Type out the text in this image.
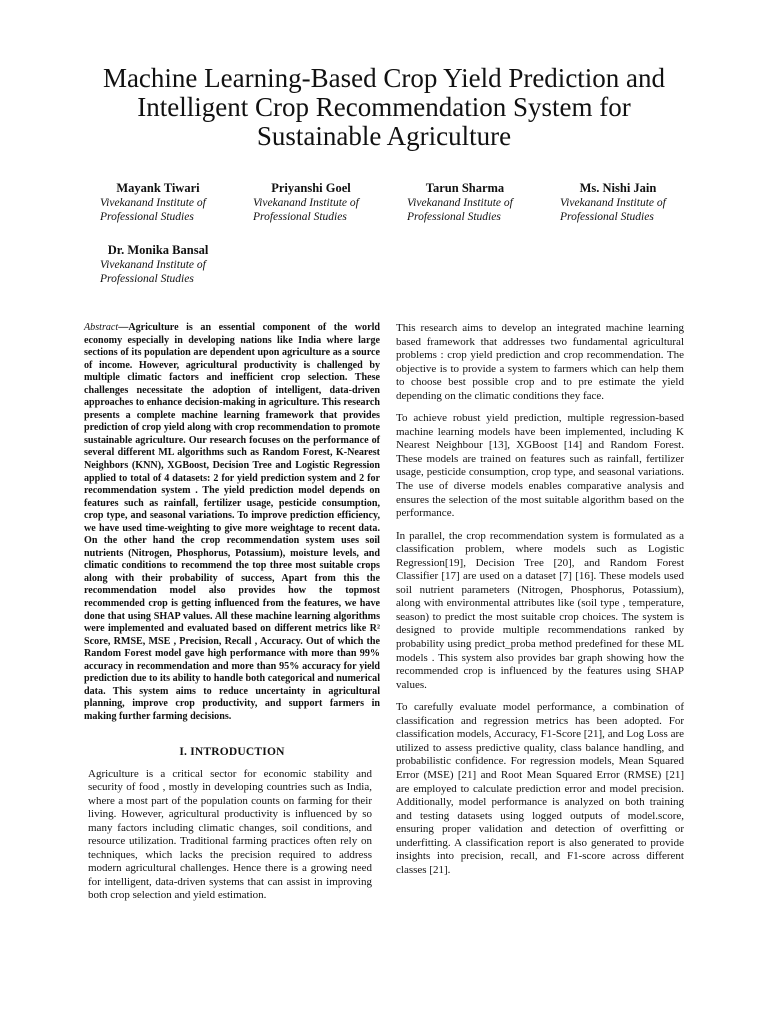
Machine Learning-Based Crop Yield Prediction and
Intelligent Crop Recommendation System for
Sustainable Agriculture
Mayank Tiwari
Vivekanand Institute of
Professional Studies
Priyanshi Goel
Vivekanand Institute of
Professional Studies
Tarun Sharma
Vivekanand Institute of
Professional Studies
Ms. Nishi Jain
Vivekanand Institute of
Professional Studies
Dr. Monika Bansal
Vivekanand Institute of
Professional Studies

Abstract—Agriculture is an essential component of the world economy especially in developing nations like India where large sections of its population are dependent upon agriculture as a source of income. However, agricultural productivity is challenged by multiple climatic factors and inefficient crop selection. These challenges necessitate the adoption of intelligent, data-driven approaches to enhance decision-making in agriculture. This research presents a complete machine learning framework that provides prediction of crop yield along with crop recommendation to promote sustainable agriculture. Our research focuses on the performance of several different ML algorithms such as Random Forest, K-Nearest Neighbors (KNN), XGBoost, Decision Tree and Logistic Regression applied to total of 4 datasets: 2 for yield prediction system and 2 for recommendation system . The yield prediction model depends on features such as rainfall, fertilizer usage, pesticide consumption, crop type, and seasonal variations. To improve prediction efficiency, we have used time-weighting to give more weightage to recent data. On the other hand the crop recommendation system uses soil nutrients (Nitrogen, Phosphorus, Potassium), moisture levels, and climatic conditions to recommend the top three most suitable crops along with their probability of success, Apart from this the recommendation model also provides how the topmost recommended crop is getting influenced from the features, we have done that using SHAP values. All these machine learning algorithms were implemented and evaluated based on different metrics like R² Score, RMSE, MSE , Precision, Recall , Accuracy. Out of which the Random Forest model gave high performance with more than 99% accuracy in recommendation and more than 95% accuracy for yield prediction due to its ability to handle both categorical and numerical data. This system aims to reduce uncertainty in agricultural planning, improve crop productivity, and support farmers in making further farming decisions.

I. INTRODUCTION

Agriculture is a critical sector for economic stability and security of food , mostly in developing countries such as India, where a most part of the population counts on farming for their living. However, agricultural productivity is influenced by so many factors including climatic changes, soil conditions, and resource utilization. Traditional farming practices often rely on techniques, which lacks the precision required to address modern agricultural challenges. Hence there is a growing need for intelligent, data-driven systems that can assist in improving both crop selection and yield estimation.

This research aims to develop an integrated machine learning based framework that addresses two fundamental agricultural problems : crop yield prediction and crop recommendation. The objective is to provide a system to farmers which can help them to choose best possible crop and to pre estimate the yield depending on the climatic conditions they face.

To achieve robust yield prediction, multiple regression-based machine learning models have been implemented, including K Nearest Neighbour [13], XGBoost [14] and Random Forest. These models are trained on features such as rainfall, fertilizer usage, pesticide consumption, crop type, and seasonal variations. The use of diverse models enables comparative analysis and ensures the selection of the most suitable algorithm based on the performance.

In parallel, the crop recommendation system is formulated as a classification problem, where models such as Logistic Regression[19], Decision Tree [20], and Random Forest Classifier [17] are used on a dataset [7] [16]. These models used soil nutrient parameters (Nitrogen, Phosphorus, Potassium), along with environmental attributes like (soil type , temperature, season) to predict the most suitable crop choices. The system is designed to provide multiple recommendations ranked by probability using predict_proba method predefined for these ML models . This system also provides bar graph showing how the recommended crop is influenced by the features using SHAP values.

To carefully evaluate model performance, a combination of classification and regression metrics has been adopted. For classification models, Accuracy, F1-Score [21], and Log Loss are utilized to assess predictive quality, class balance handling, and probabilistic confidence. For regression models, Mean Squared Error (MSE) [21] and Root Mean Squared Error (RMSE) [21] are employed to calculate prediction error and model precision. Additionally, model performance is analyzed on both training and testing datasets using logged outputs of model.score, ensuring proper validation and detection of overfitting or underfitting. A classification report is also generated to provide insights into precision, recall, and F1-score across different classes [21].
